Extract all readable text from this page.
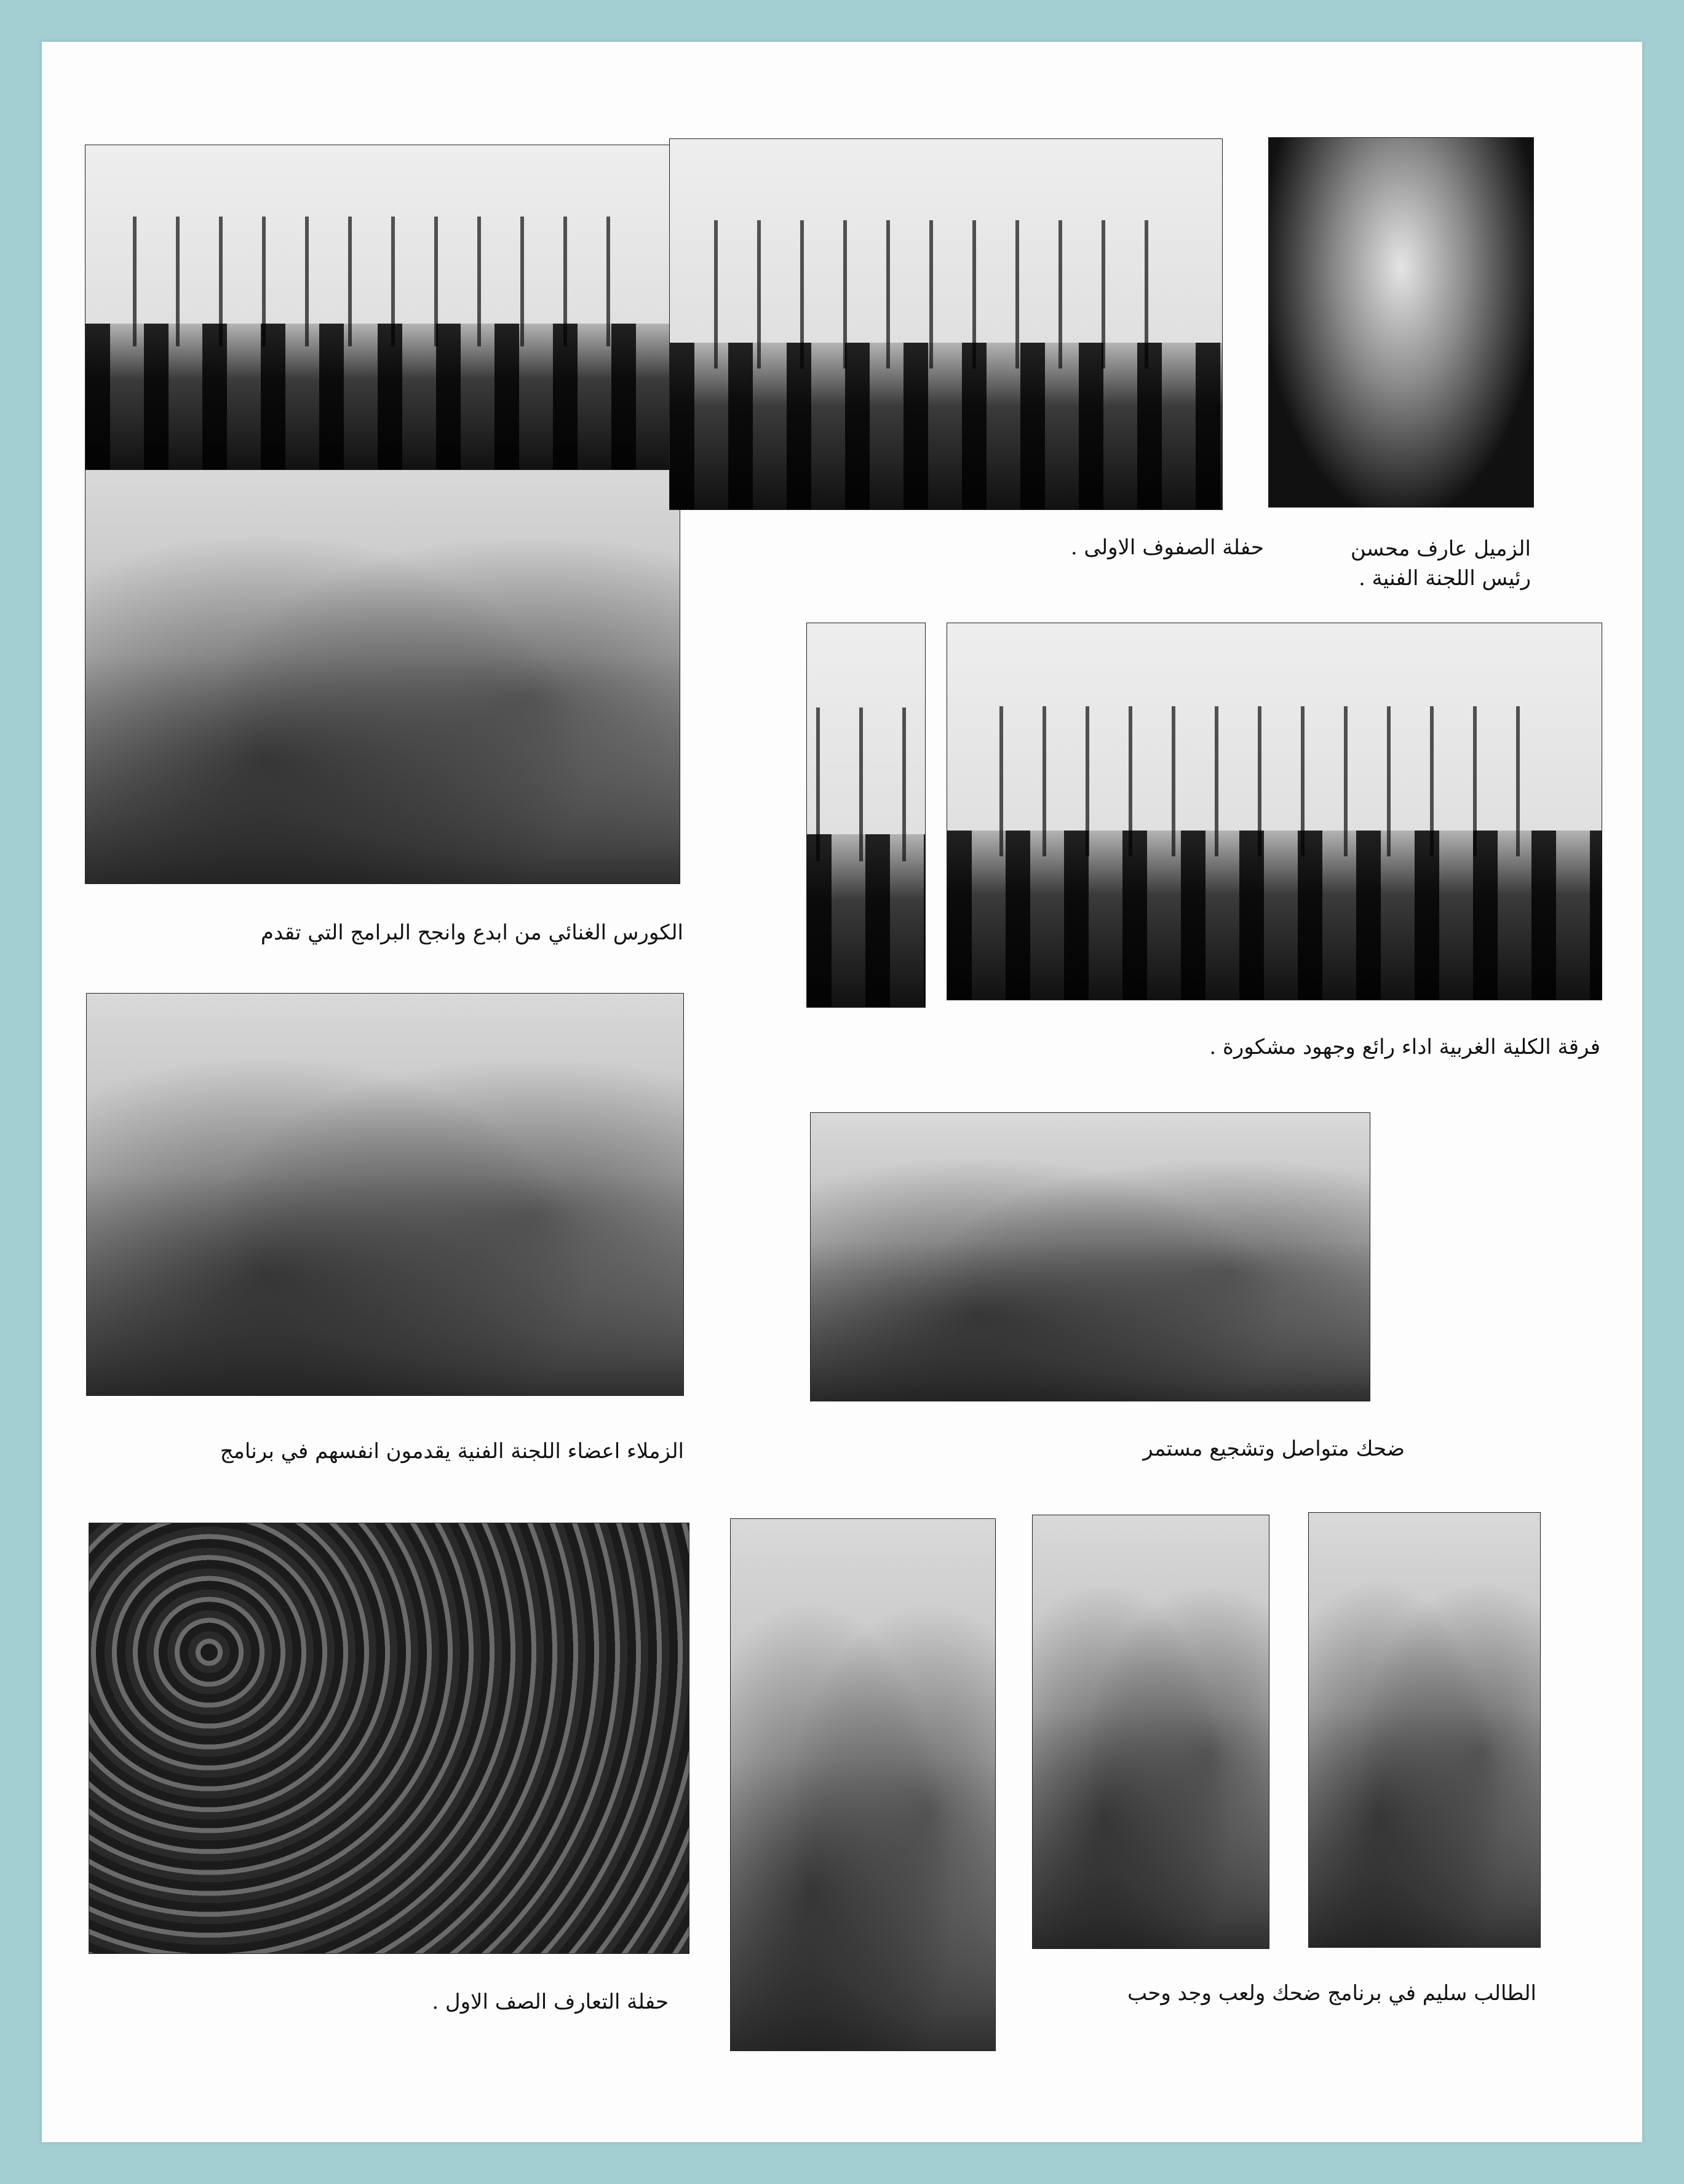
الكورس الغنائي من ابدع وانجح البرامج التي تقدم
الزملاء اعضاء اللجنة الفنية يقدمون انفسهم في برنامج
حفلة التعارف الصف الاول .
حفلة الصفوف الاولى .	الزميل عارف محسن
رئيس اللجنة الفنية .
فرقة الكلية الغربية اداء رائع وجهود مشكورة .
ضحك متواصل وتشجيع مستمر
الطالب سليم في برنامج ضحك ولعب وجد وحب
